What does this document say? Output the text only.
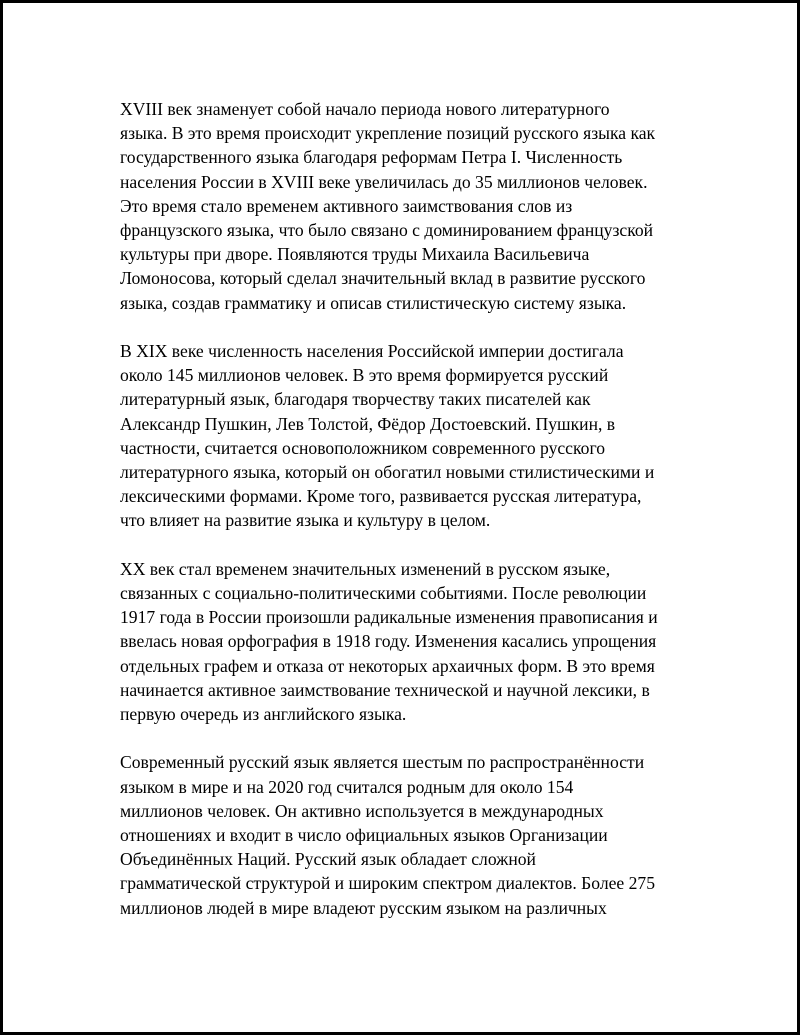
XVIII век знаменует собой начало периода нового литературного
языка. В это время происходит укрепление позиций русского языка как
государственного языка благодаря реформам Петра I. Численность
населения России в XVIII веке увеличилась до 35 миллионов человек.
Это время стало временем активного заимствования слов из
французского языка, что было связано с доминированием французской
культуры при дворе. Появляются труды Михаила Васильевича
Ломоносова, который сделал значительный вклад в развитие русского
языка, создав грамматику и описав стилистическую систему языка.

В XIX веке численность населения Российской империи достигала
около 145 миллионов человек. В это время формируется русский
литературный язык, благодаря творчеству таких писателей как
Александр Пушкин, Лев Толстой, Фёдор Достоевский. Пушкин, в
частности, считается основоположником современного русского
литературного языка, который он обогатил новыми стилистическими и
лексическими формами. Кроме того, развивается русская литература,
что влияет на развитие языка и культуру в целом.

XX век стал временем значительных изменений в русском языке,
связанных с социально-политическими событиями. После революции
1917 года в России произошли радикальные изменения правописания и
ввелась новая орфография в 1918 году. Изменения касались упрощения
отдельных графем и отказа от некоторых архаичных форм. В это время
начинается активное заимствование технической и научной лексики, в
первую очередь из английского языка.

Современный русский язык является шестым по распространённости
языком в мире и на 2020 год считался родным для около 154
миллионов человек. Он активно используется в международных
отношениях и входит в число официальных языков Организации
Объединённых Наций. Русский язык обладает сложной
грамматической структурой и широким спектром диалектов. Более 275
миллионов людей в мире владеют русским языком на различных
